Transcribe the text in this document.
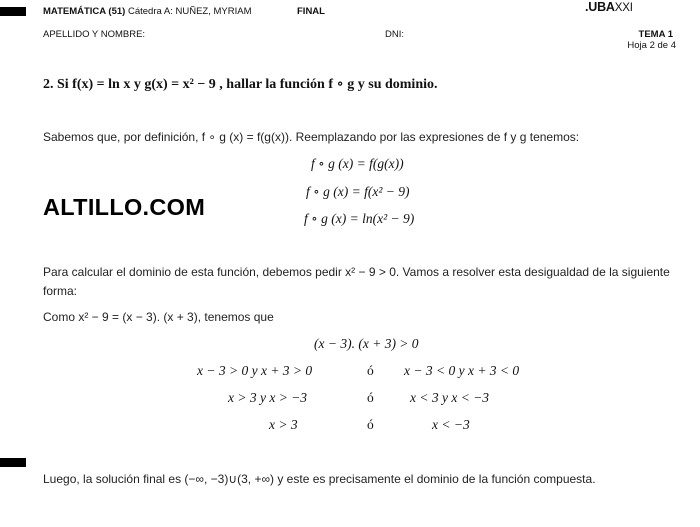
MATEMÁTICA (51) Cátedra A: NUÑEZ, MYRIAM	FINAL	.UBAXXI
APELLIDO Y NOMBRE:	DNI:	TEMA 1
Hoja 2 de 4
2. Si f(x) = ln x y g(x) = x² − 9 , hallar la función f ∘ g y su dominio.
Sabemos que, por definición, f ∘ g (x) = f(g(x)). Reemplazando por las expresiones de f y g tenemos:
f ∘ g (x) = f(g(x))
f ∘ g (x) = f(x² − 9)
f ∘ g (x) = ln(x² − 9)
ALTILLO.COM
Para calcular el dominio de esta función, debemos pedir x² − 9 > 0. Vamos a resolver esta desigualdad de la siguiente
forma:
Como x² − 9 = (x − 3). (x + 3), tenemos que
(x − 3). (x + 3) > 0
x − 3 > 0 y x + 3 > 0	ó x − 3 < 0 y x + 3 < 0
x > 3 y x > −3	ó	x < 3 y x < −3
x > 3	ó	x < −3
Luego, la solución final es (−∞, −3)∪(3, +∞) y este es precisamente el dominio de la función compuesta.
